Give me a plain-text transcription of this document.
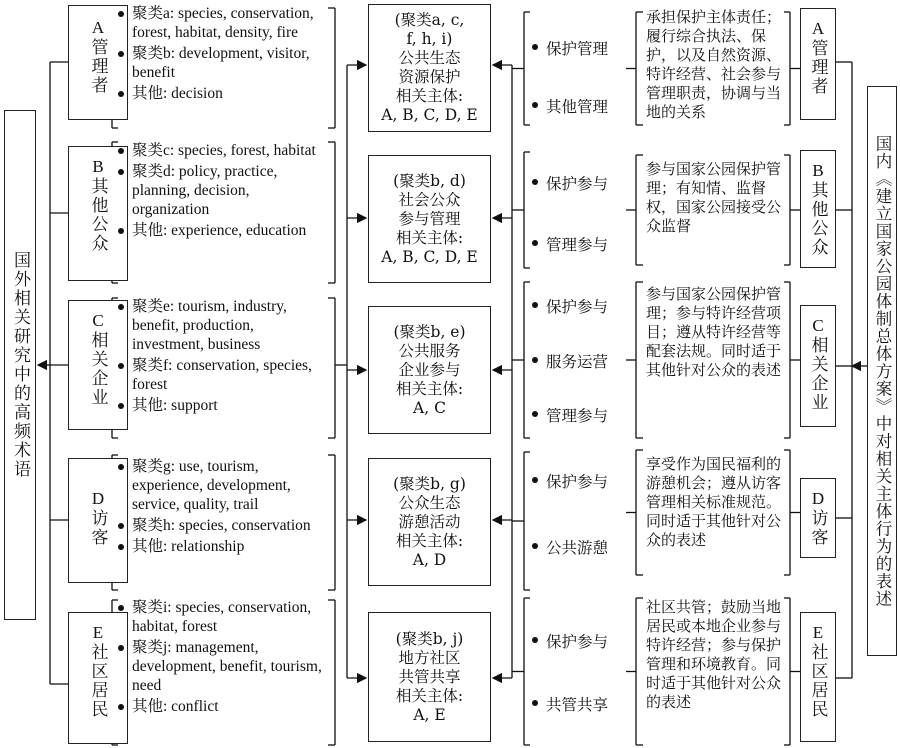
国外相关研究中的高频术语	国内《建立国家公园体制总体方案》中对相关主体行为的表述
A
管理者
聚类a: species, conservation, forest, habitat, density, fire
聚类b: development, visitor, benefit
其他: decision
B
其他公众
聚类c: species, forest, habitat
聚类d: policy, practice, planning, decision, organization
其他: experience, education
C
相关企业
聚类e: tourism, industry, benefit, production, investment, business
聚类f: conservation, species, forest
其他: support
D
访客
聚类g: use, tourism, experience, development, service, quality, trail
聚类h: species, conservation
其他: relationship
E
社区居民
聚类i: species, conservation, habitat, forest
聚类j: management, development, benefit, tourism, need
其他: conflict
(聚类a, c,
f, h, i)
公共生态
资源保护
相关主体:
A, B, C, D, E
(聚类b, d)
社会公众
参与管理
相关主体:
A, B, C, D, E
(聚类b, e)
公共服务
企业参与
相关主体:
A, C
(聚类b, g)
公众生态
游憩活动
相关主体:
A, D
(聚类b, j)
地方社区
共管共享
相关主体:
A, E
保护管理
其他管理
保护参与
管理参与
保护参与
服务运营
管理参与
保护参与
公共游憩
保护参与
共管共享
承担保护主体责任；履行综合执法、保护，以及自然资源、特许经营、社会参与管理职责，协调与当地的关系
参与国家公园保护管理；有知情、监督权，国家公园接受公众监督
参与国家公园保护管理；参与特许经营项目；遵从特许经营等配套法规。同时适于其他针对公众的表述
享受作为国民福利的游憩机会；遵从访客管理相关标准规范。同时适于其他针对公众的表述
社区共管；鼓励当地居民或本地企业参与特许经营；参与保护管理和环境教育。同时适于其他针对公众的表述
A
管理者
B
其他公众
C
相关企业
D
访客
E
社区居民
